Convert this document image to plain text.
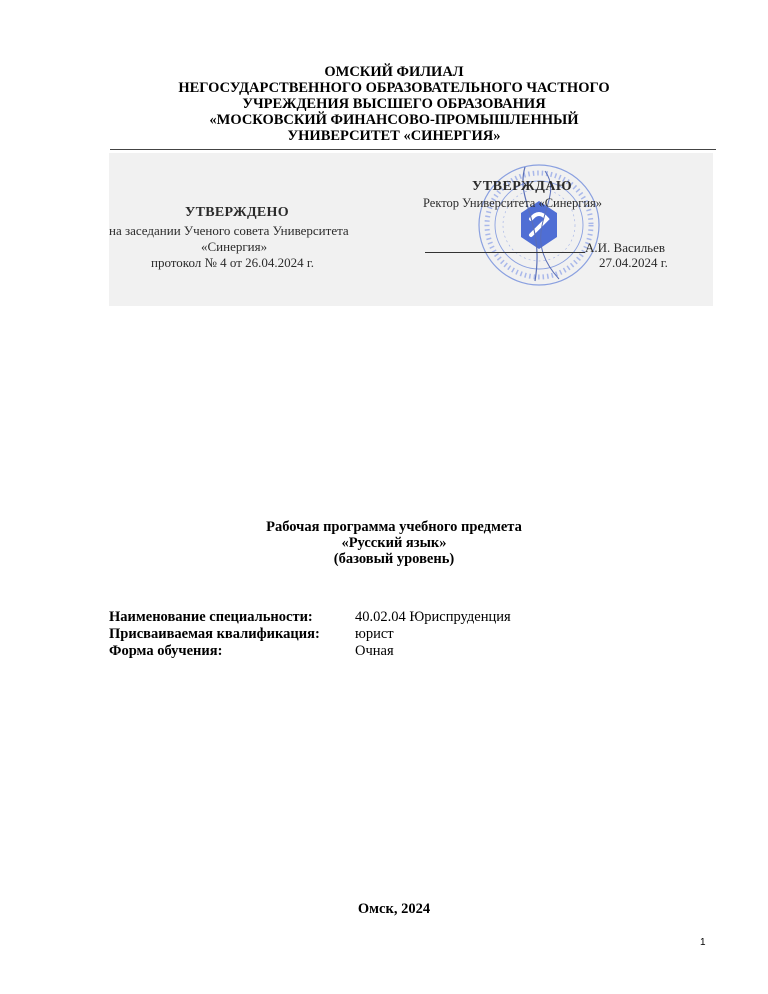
ОМСКИЙ ФИЛИАЛ
НЕГОСУДАРСТВЕННОГО ОБРАЗОВАТЕЛЬНОГО ЧАСТНОГО
УЧРЕЖДЕНИЯ ВЫСШЕГО ОБРАЗОВАНИЯ
«МОСКОВСКИЙ ФИНАНСОВО-ПРОМЫШЛЕННЫЙ
УНИВЕРСИТЕТ «СИНЕРГИЯ»
УТВЕРЖДЕНО
на заседании Ученого совета Университета
«Синергия»
протокол № 4 от 26.04.2024 г.
УТВЕРЖДАЮ
Ректор Университета «Синергия»
А.И. Васильев
27.04.2024 г.
Рабочая программа учебного предмета
«Русский язык»
(базовый уровень)
Наименование специальности:	40.02.04 Юриспруденция
Присваиваемая квалификация:	юрист
Форма обучения:	Очная
Омск, 2024
1
